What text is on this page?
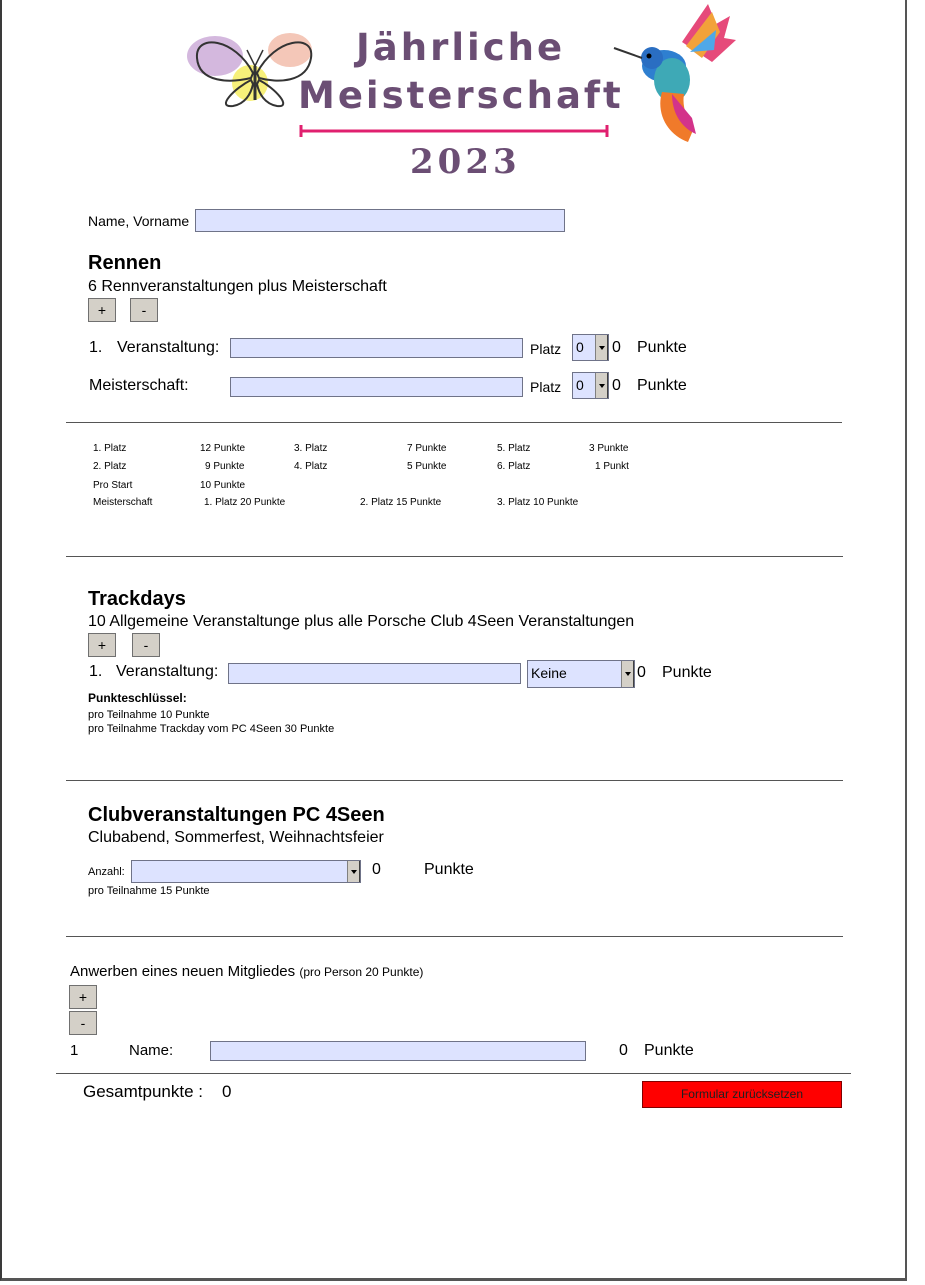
Jährliche
Meisterschaft
2023
Name, Vorname
Rennen
6 Rennveranstaltungen plus Meisterschaft
+	-
1. Veranstaltung:	Platz 0	0 Punkte
Meisterschaft:	Platz 0	0 Punkte
1. Platz	12 Punkte	3. Platz	7 Punkte	5. Platz	3 Punkte
2. Platz	9 Punkte	4. Platz	5 Punkte	6. Platz	1 Punkt
Pro Start	10 Punkte
Meisterschaft	1. Platz 20 Punkte	2. Platz 15 Punkte	3. Platz 10 Punkte
Trackdays
10 Allgemeine Veranstaltunge plus alle Porsche Club 4Seen Veranstaltungen
+	-
1. Veranstaltung:	Keine	0 Punkte
Punkteschlüssel:
pro Teilnahme 10 Punkte
pro Teilnahme Trackday vom PC 4Seen 30 Punkte
Clubveranstaltungen PC 4Seen
Clubabend, Sommerfest, Weihnachtsfeier
Anzahl:	0	Punkte
pro Teilnahme 15 Punkte
Anwerben eines neuen Mitgliedes (pro Person 20 Punkte)
+
-
1	Name:	0 Punkte
Gesamtpunkte : 0	Formular zurücksetzen
